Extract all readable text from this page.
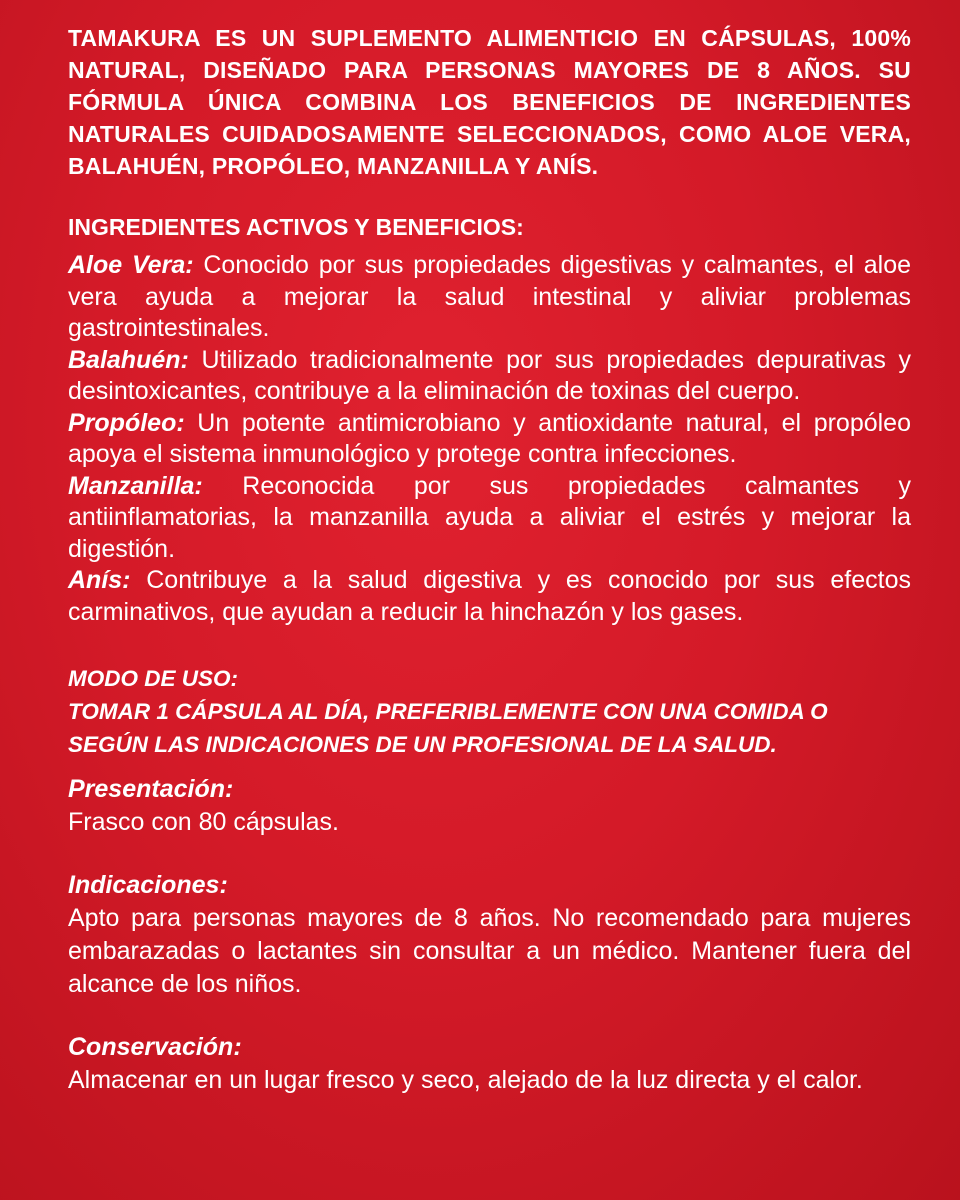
TAMAKURA ES UN SUPLEMENTO ALIMENTICIO EN CÁPSULAS, 100% NATURAL, DISEÑADO PARA PERSONAS MAYORES DE 8 AÑOS. SU FÓRMULA ÚNICA COMBINA LOS BENEFICIOS DE INGREDIENTES NATURALES CUIDADOSAMENTE SELECCIONADOS, COMO ALOE VERA, BALAHUÉN, PROPÓLEO, MANZANILLA Y ANÍS.

INGREDIENTES ACTIVOS Y BENEFICIOS:

Aloe Vera: Conocido por sus propiedades digestivas y calmantes, el aloe vera ayuda a mejorar la salud intestinal y aliviar problemas gastrointestinales.

Balahuén: Utilizado tradicionalmente por sus propiedades depurativas y desintoxicantes, contribuye a la eliminación de toxinas del cuerpo.

Propóleo: Un potente antimicrobiano y antioxidante natural, el propóleo apoya el sistema inmunológico y protege contra infecciones.

Manzanilla: Reconocida por sus propiedades calmantes y antiinflamatorias, la manzanilla ayuda a aliviar el estrés y mejorar la digestión.

Anís: Contribuye a la salud digestiva y es conocido por sus efectos carminativos, que ayudan a reducir la hinchazón y los gases.

MODO DE USO:

TOMAR 1 CÁPSULA AL DÍA, PREFERIBLEMENTE CON UNA COMIDA O SEGÚN LAS INDICACIONES DE UN PROFESIONAL DE LA SALUD.

Presentación:

Frasco con 80 cápsulas.

Indicaciones:

Apto para personas mayores de 8 años. No recomendado para mujeres embarazadas o lactantes sin consultar a un médico. Mantener fuera del alcance de los niños.

Conservación:

Almacenar en un lugar fresco y seco, alejado de la luz directa y el calor.
